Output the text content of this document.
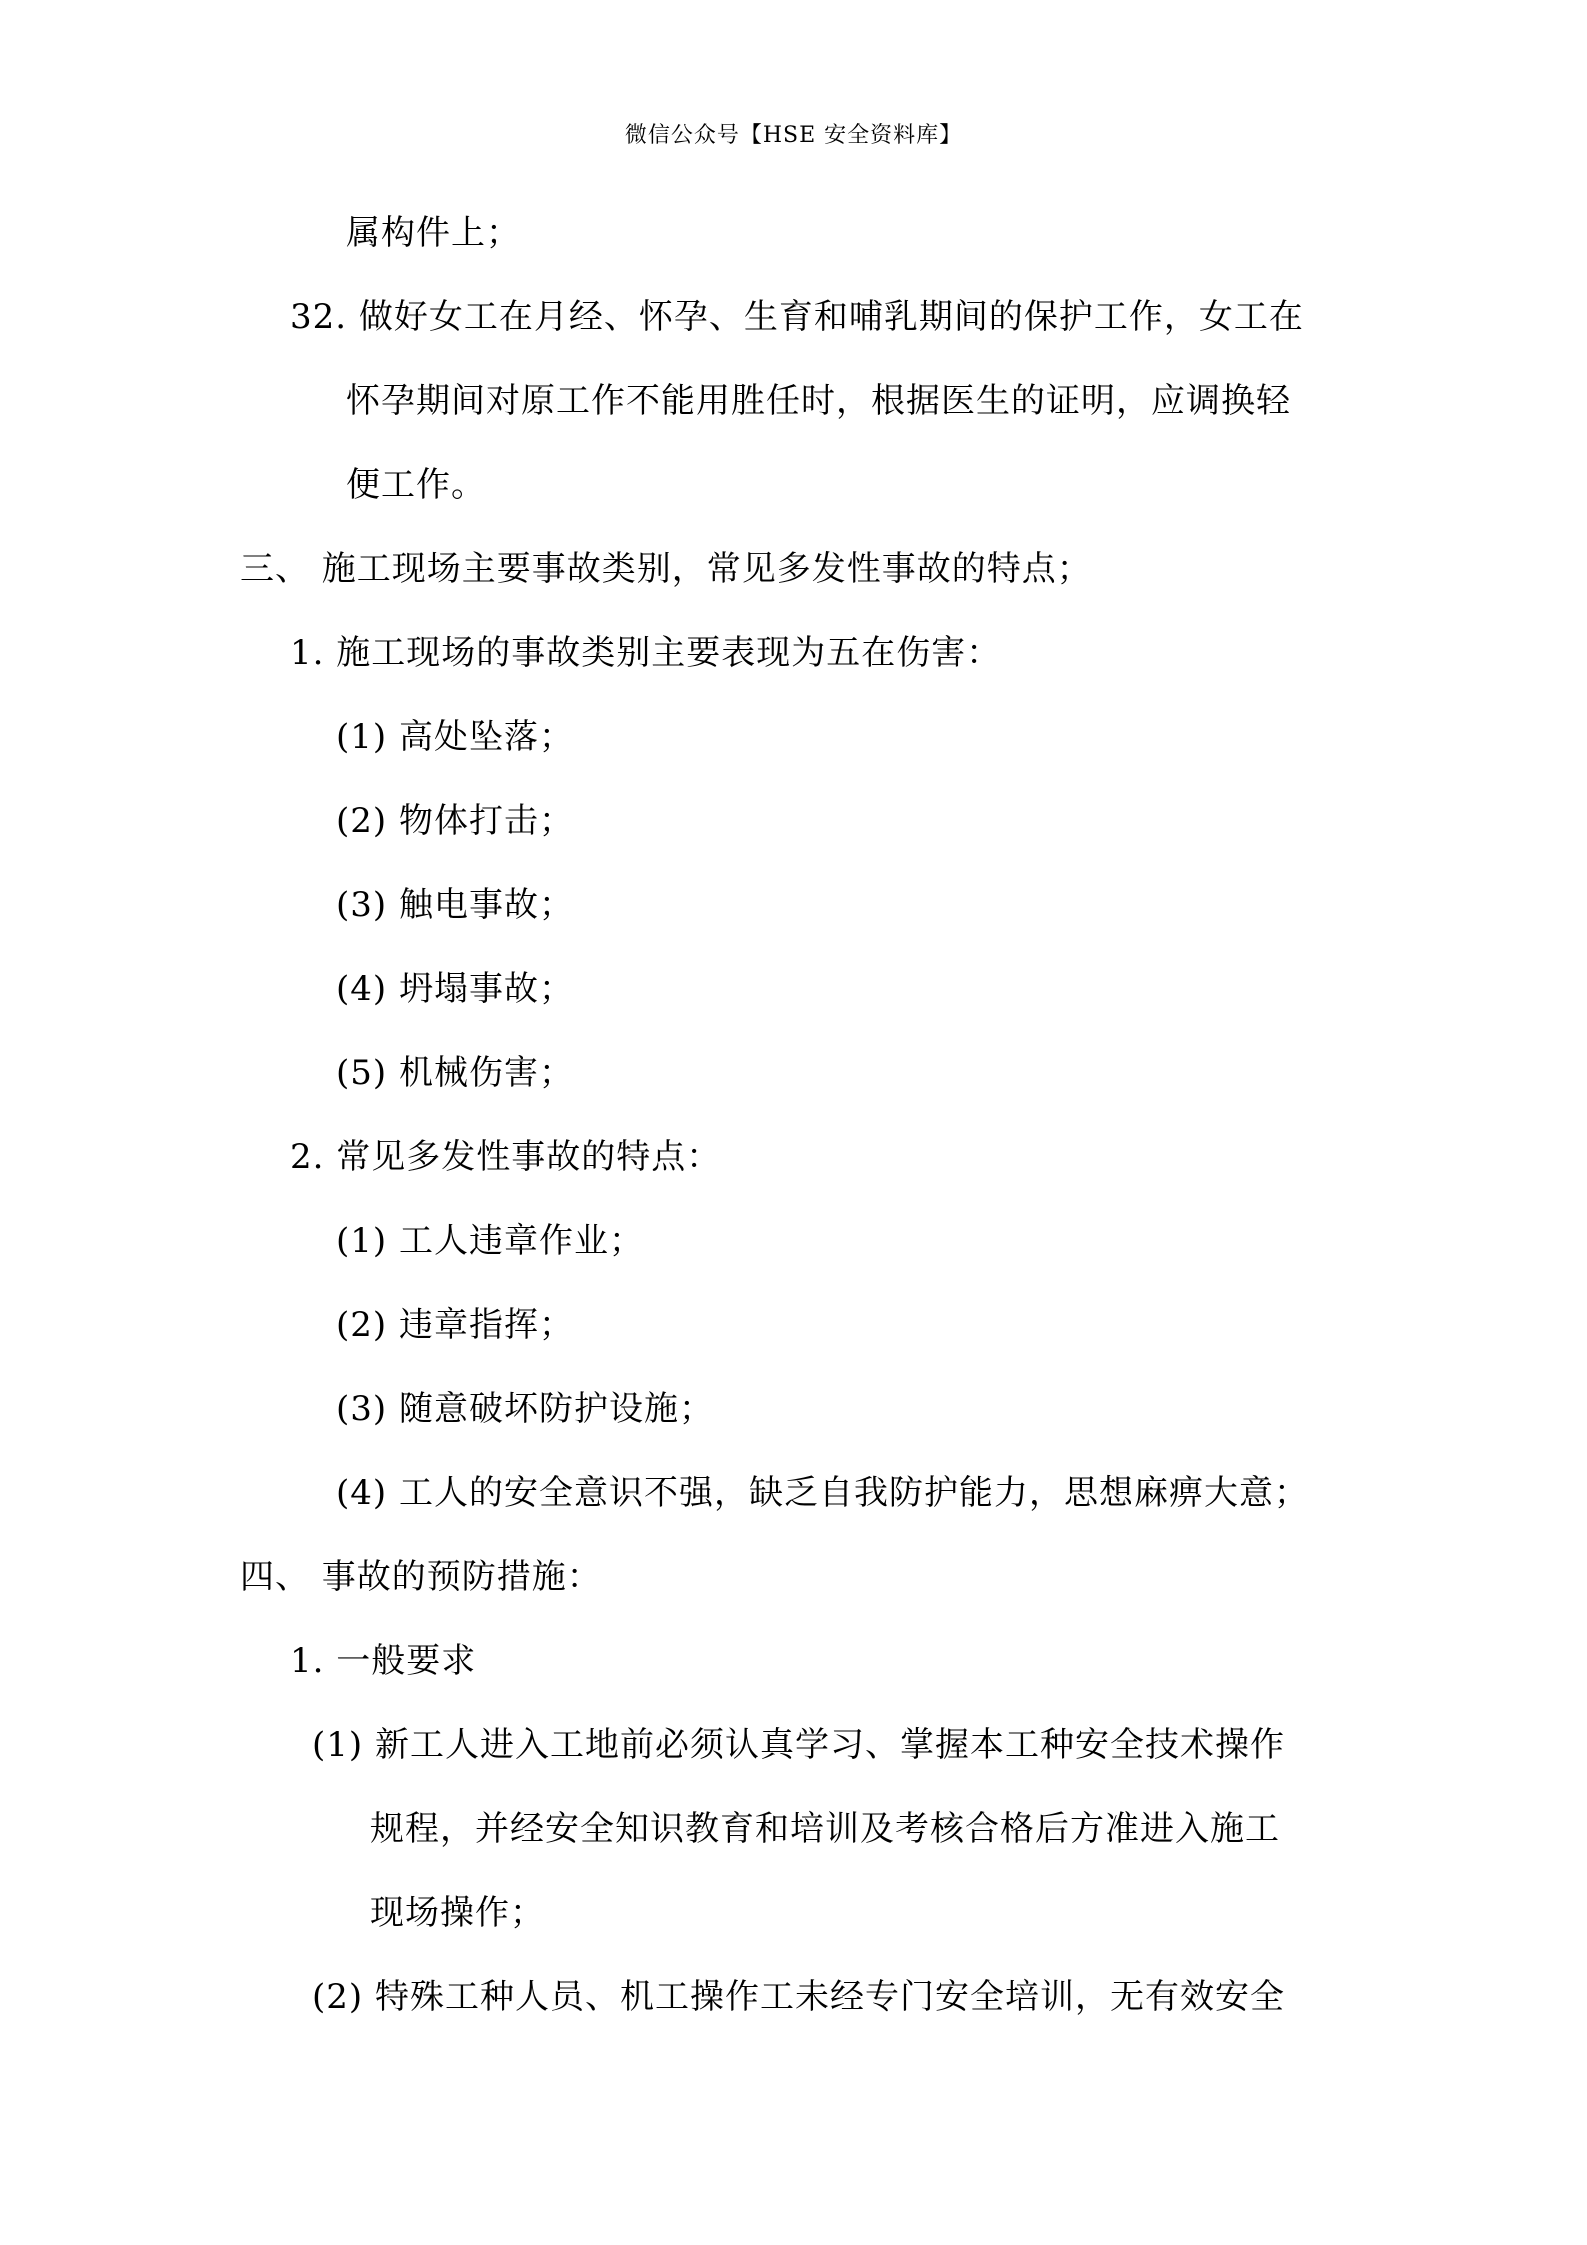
微信公众号【HSE 安全资料库】
属构件上；
32. 做好女工在月经、怀孕、生育和哺乳期间的保护工作，女工在
怀孕期间对原工作不能用胜任时，根据医生的证明，应调换轻
便工作。
三、 施工现场主要事故类别，常见多发性事故的特点；
1. 施工现场的事故类别主要表现为五在伤害：
(1) 高处坠落；
(2) 物体打击；
(3) 触电事故；
(4) 坍塌事故；
(5) 机械伤害；
2. 常见多发性事故的特点：
(1) 工人违章作业；
(2) 违章指挥；
(3) 随意破坏防护设施；
(4) 工人的安全意识不强，缺乏自我防护能力，思想麻痹大意；
四、 事故的预防措施：
1. 一般要求
(1) 新工人进入工地前必须认真学习、掌握本工种安全技术操作
规程，并经安全知识教育和培训及考核合格后方准进入施工
现场操作；
(2) 特殊工种人员、机工操作工未经专门安全培训，无有效安全
